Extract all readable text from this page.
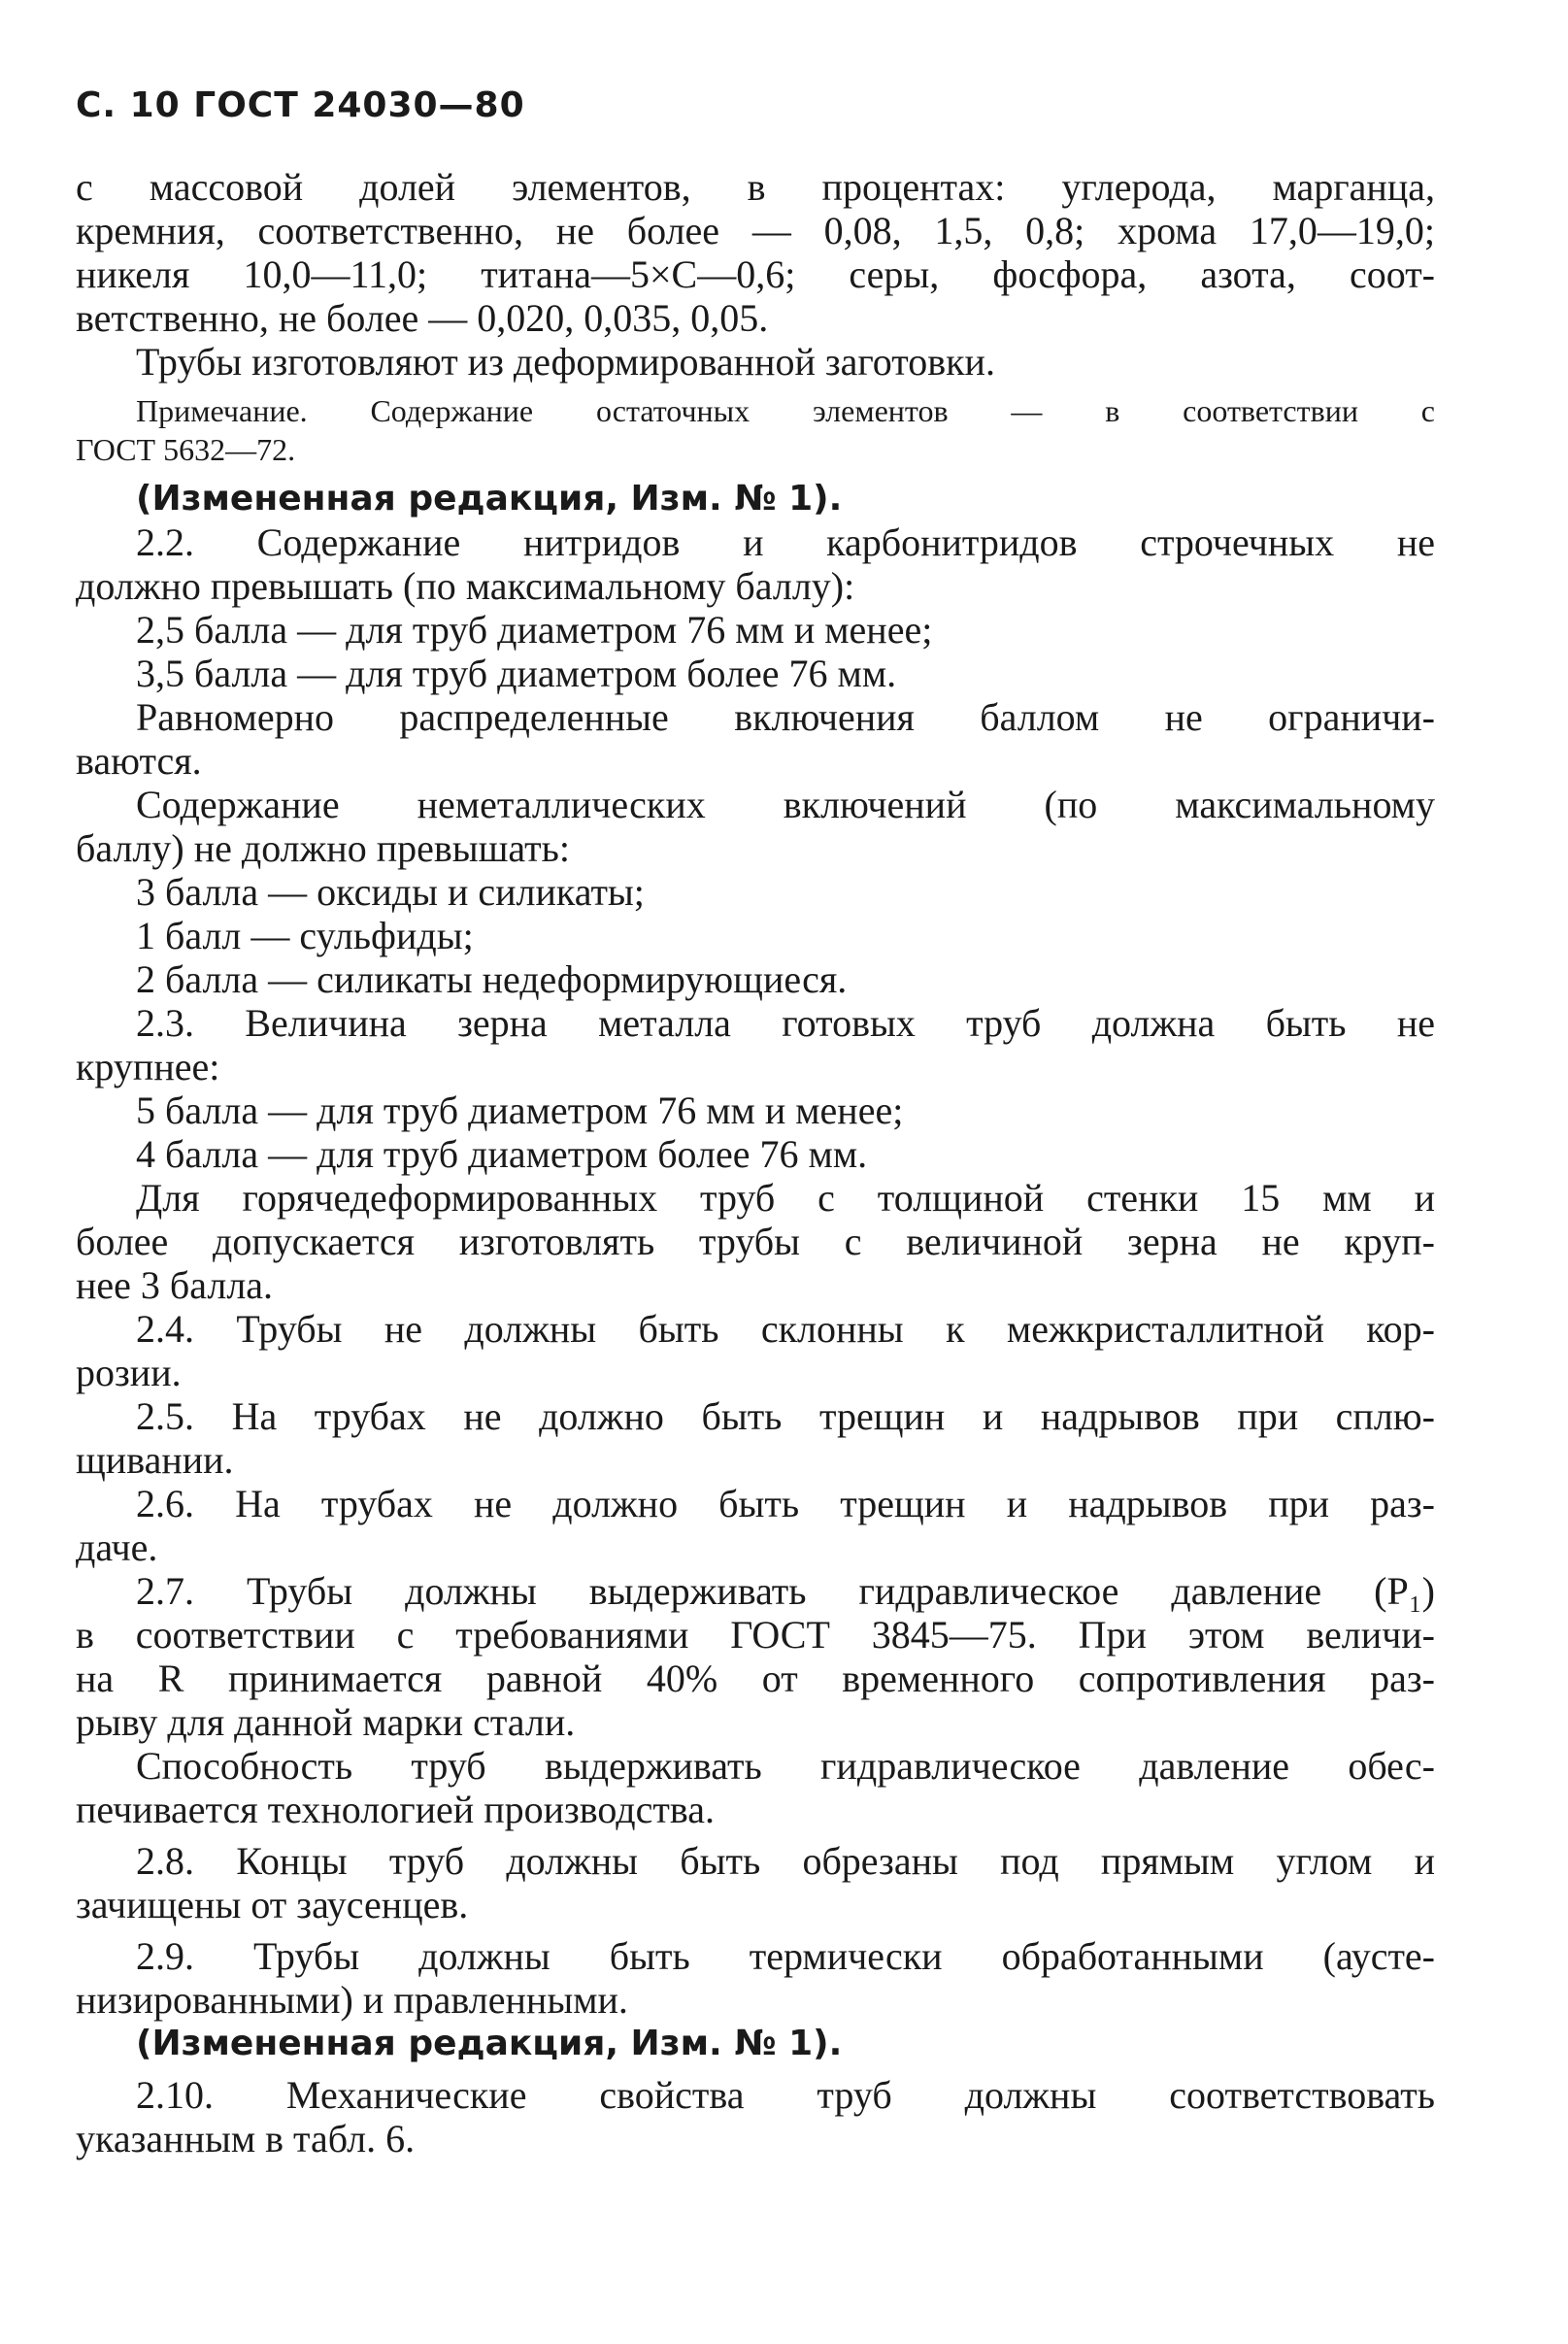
С. 10 ГОСТ 24030—80
с массовой долей элементов, в процентах: углерода, марганца,
кремния, соответственно, не более — 0,08, 1,5, 0,8; хрома 17,0—19,0;
никеля 10,0—11,0; титана—5×С—0,6; серы, фосфора, азота, соот-
ветственно, не более — 0,020, 0,035, 0,05.
Трубы изготовляют из деформированной заготовки.
Примечание. Содержание остаточных элементов — в соответствии с
ГОСТ 5632—72.
(Измененная редакция, Изм. № 1).
2.2. Содержание нитридов и карбонитридов строчечных не
должно превышать (по максимальному баллу):
2,5 балла — для труб диаметром 76 мм и менее;
3,5 балла — для труб диаметром более 76 мм.
Равномерно распределенные включения баллом не ограничи-
ваются.
Содержание неметаллических включений (по максимальному
баллу) не должно превышать:
3 балла — оксиды и силикаты;
1 балл — сульфиды;
2 балла — силикаты недеформирующиеся.
2.3. Величина зерна металла готовых труб должна быть не
крупнее:
5 балла — для труб диаметром 76 мм и менее;
4 балла — для труб диаметром более 76 мм.
Для горячедеформированных труб с толщиной стенки 15 мм и
более допускается изготовлять трубы с величиной зерна не круп-
нее 3 балла.
2.4. Трубы не должны быть склонны к межкристаллитной кор-
розии.
2.5. На трубах не должно быть трещин и надрывов при сплю-
щивании.
2.6. На трубах не должно быть трещин и надрывов при раз-
даче.
2.7. Трубы должны выдерживать гидравлическое давление (P₁)
в соответствии с требованиями ГОСТ 3845—75. При этом величи-
на R принимается равной 40% от временного сопротивления раз-
рыву для данной марки стали.
Способность труб выдерживать гидравлическое давление обес-
печивается технологией производства.
2.8. Концы труб должны быть обрезаны под прямым углом и
зачищены от заусенцев.
2.9. Трубы должны быть термически обработанными (аусте-
низированными) и правленными.
(Измененная редакция, Изм. № 1).
2.10. Механические свойства труб должны соответствовать
указанным в табл. 6.
